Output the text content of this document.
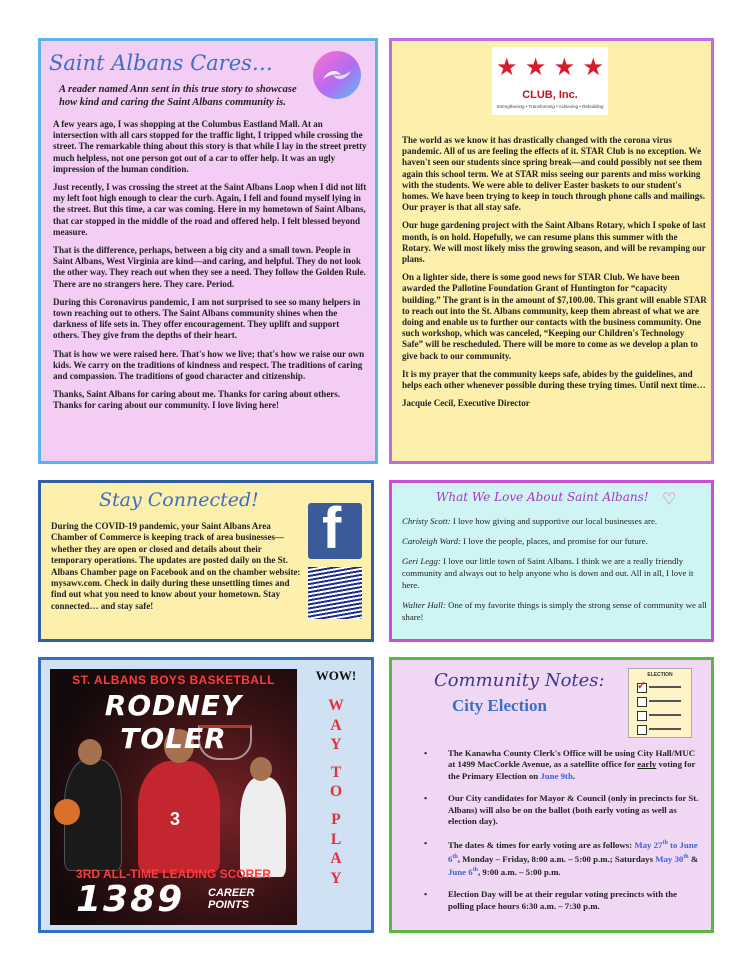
Saint Albans Cares…
A reader named Ann sent in this true story to showcase how kind and caring the Saint Albans community is.

A few years ago, I was shopping at the Columbus Eastland Mall. At an intersection with all cars stopped for the traffic light, I tripped while crossing the street. The remarkable thing about this story is that while I lay in the street pretty much helpless, not one person got out of a car to offer help. It was an ugly impression of the human condition.

Just recently, I was crossing the street at the Saint Albans Loop when I did not lift my left foot high enough to clear the curb. Again, I fell and found myself lying in the street. But this time, a car was coming. Here in my hometown of Saint Albans, that car stopped in the middle of the road and offered help. I felt blessed beyond measure.

That is the difference, perhaps, between a big city and a small town. People in Saint Albans, West Virginia are kind—and caring, and helpful. They do not look the other way. They reach out when they see a need. They follow the Golden Rule. There are no strangers here. They care. Period.

During this Coronavirus pandemic, I am not surprised to see so many helpers in town reaching out to others. The Saint Albans community shines when the darkness of life sets in. They offer encouragement. They uplift and support others. They give from the depths of their heart.

That is how we were raised here. That's how we live; that's how we raise our own kids. We carry on the traditions of kindness and respect. The traditions of caring and compassion. The traditions of good character and citizenship.

Thanks, Saint Albans for caring about me. Thanks for caring about others. Thanks for caring about our community. I love living here!

★ ★ ★ ★
CLUB, Inc.
Strengthening • Transforming • Achieving • Rebuilding

The world as we know it has drastically changed with the corona virus pandemic. All of us are feeling the effects of it. STAR Club is no exception. We haven't seen our students since spring break—and could possibly not see them again this school term. We at STAR miss seeing our parents and miss working with the students. We were able to deliver Easter baskets to our student's homes. We have been trying to keep in touch through phone calls and mailings. Our prayer is that all stay safe.

Our huge gardening project with the Saint Albans Rotary, which I spoke of last month, is on hold. Hopefully, we can resume plans this summer with the Rotary. We will most likely miss the growing season, and will be revamping our plans.

On a lighter side, there is some good news for STAR Club. We have been awarded the Pallotine Foundation Grant of Huntington for “capacity building.” The grant is in the amount of $7,100.00. This grant will enable STAR to reach out into the St. Albans community, keep them abreast of what we are doing and enable us to further our contacts with the business community. One such workshop, which was canceled, “Keeping our Children's Technology Safe” will be rescheduled. There will be more to come as we develop a plan to give back to our community.

It is my prayer that the community keeps safe, abides by the guidelines, and helps each other whenever possible during these trying times. Until next time…

Jacquie Cecil, Executive Director

Stay Connected!
During the COVID-19 pandemic, your Saint Albans Area Chamber of Commerce is keeping track of area businesses—whether they are open or closed and details about their temporary operations. The updates are posted daily on the St. Albans Chamber page on Facebook and on the chamber website: mysawv.com. Check in daily during these unsettling times and find out what you need to know about your hometown. Stay connected… and stay safe!
f	What We Love About Saint Albans! ♡

Christy Scott: I love how giving and supportive our local businesses are.

Caroleigh Ward: I love the people, places, and promise for our future.

Geri Legg: I love our little town of Saint Albans. I think we are a really friendly community and always out to help anyone who is down and out. All in all, I love it here.

Walter Hall: One of my favorite things is simply the strong sense of community we all share!

3
ST. ALBANS BOYS BASKETBALL
RODNEY TOLER
3RD ALL-TIME LEADING SCORER
1389 CAREER POINTS
WOW!
W
A
Y
T
O
P
L
A
Y
Community Notes:
City Election
ELECTION
✓
• The Kanawha County Clerk's Office will be using City Hall/MUC at 1499 MacCorkle Avenue, as a satellite office for early voting for the Primary Election on June 9th.
• Our City candidates for Mayor & Council (only in precincts for St. Albans) will also be on the ballot (both early voting as well as election day).
• The dates & times for early voting are as follows: May 27th to June 6th, Monday – Friday, 8:00 a.m. – 5:00 p.m.; Saturdays May 30th & June 6th, 9:00 a.m. – 5:00 p.m.
• Election Day will be at their regular voting precincts with the polling place hours 6:30 a.m. – 7:30 p.m.
